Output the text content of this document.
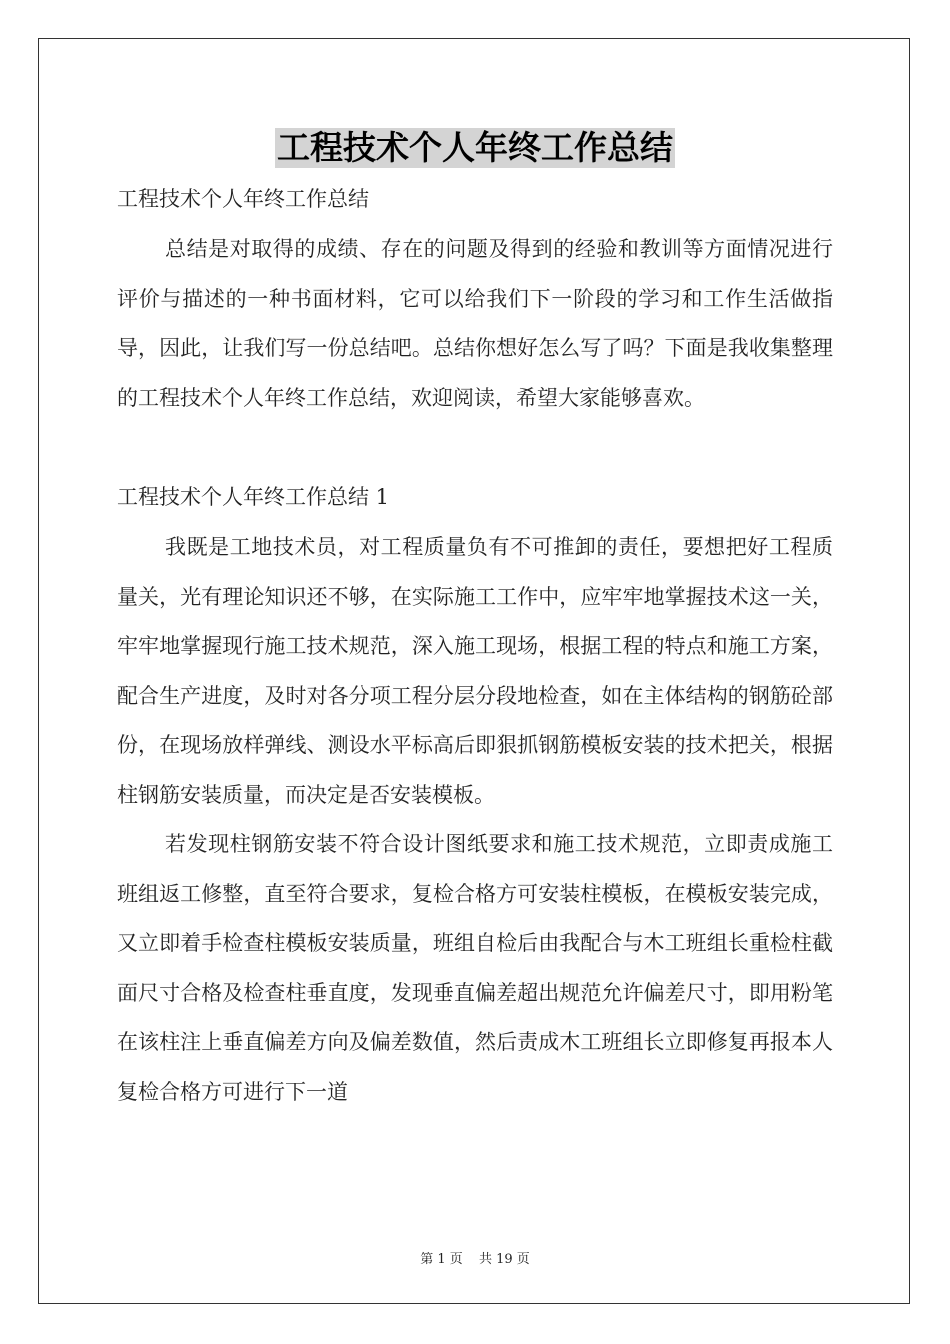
工程技术个人年终工作总结
工程技术个人年终工作总结

总结是对取得的成绩、存在的问题及得到的经验和教训等方面情况进行评价与描述的一种书面材料，它可以给我们下一阶段的学习和工作生活做指导，因此，让我们写一份总结吧。总结你想好怎么写了吗？下面是我收集整理的工程技术个人年终工作总结，欢迎阅读，希望大家能够喜欢。

工程技术个人年终工作总结 1

我既是工地技术员，对工程质量负有不可推卸的责任，要想把好工程质量关，光有理论知识还不够，在实际施工工作中，应牢牢地掌握技术这一关，牢牢地掌握现行施工技术规范，深入施工现场，根据工程的特点和施工方案，配合生产进度，及时对各分项工程分层分段地检查，如在主体结构的钢筋砼部份，在现场放样弹线、测设水平标高后即狠抓钢筋模板安装的技术把关，根据柱钢筋安装质量，而决定是否安装模板。

若发现柱钢筋安装不符合设计图纸要求和施工技术规范，立即责成施工班组返工修整，直至符合要求，复检合格方可安装柱模板，在模板安装完成，又立即着手检查柱模板安装质量，班组自检后由我配合与木工班组长重检柱截面尺寸合格及检查柱垂直度，发现垂直偏差超出规范允许偏差尺寸，即用粉笔在该柱注上垂直偏差方向及偏差数值，然后责成木工班组长立即修复再报本人复检合格方可进行下一道

第 1 页 共 19 页
